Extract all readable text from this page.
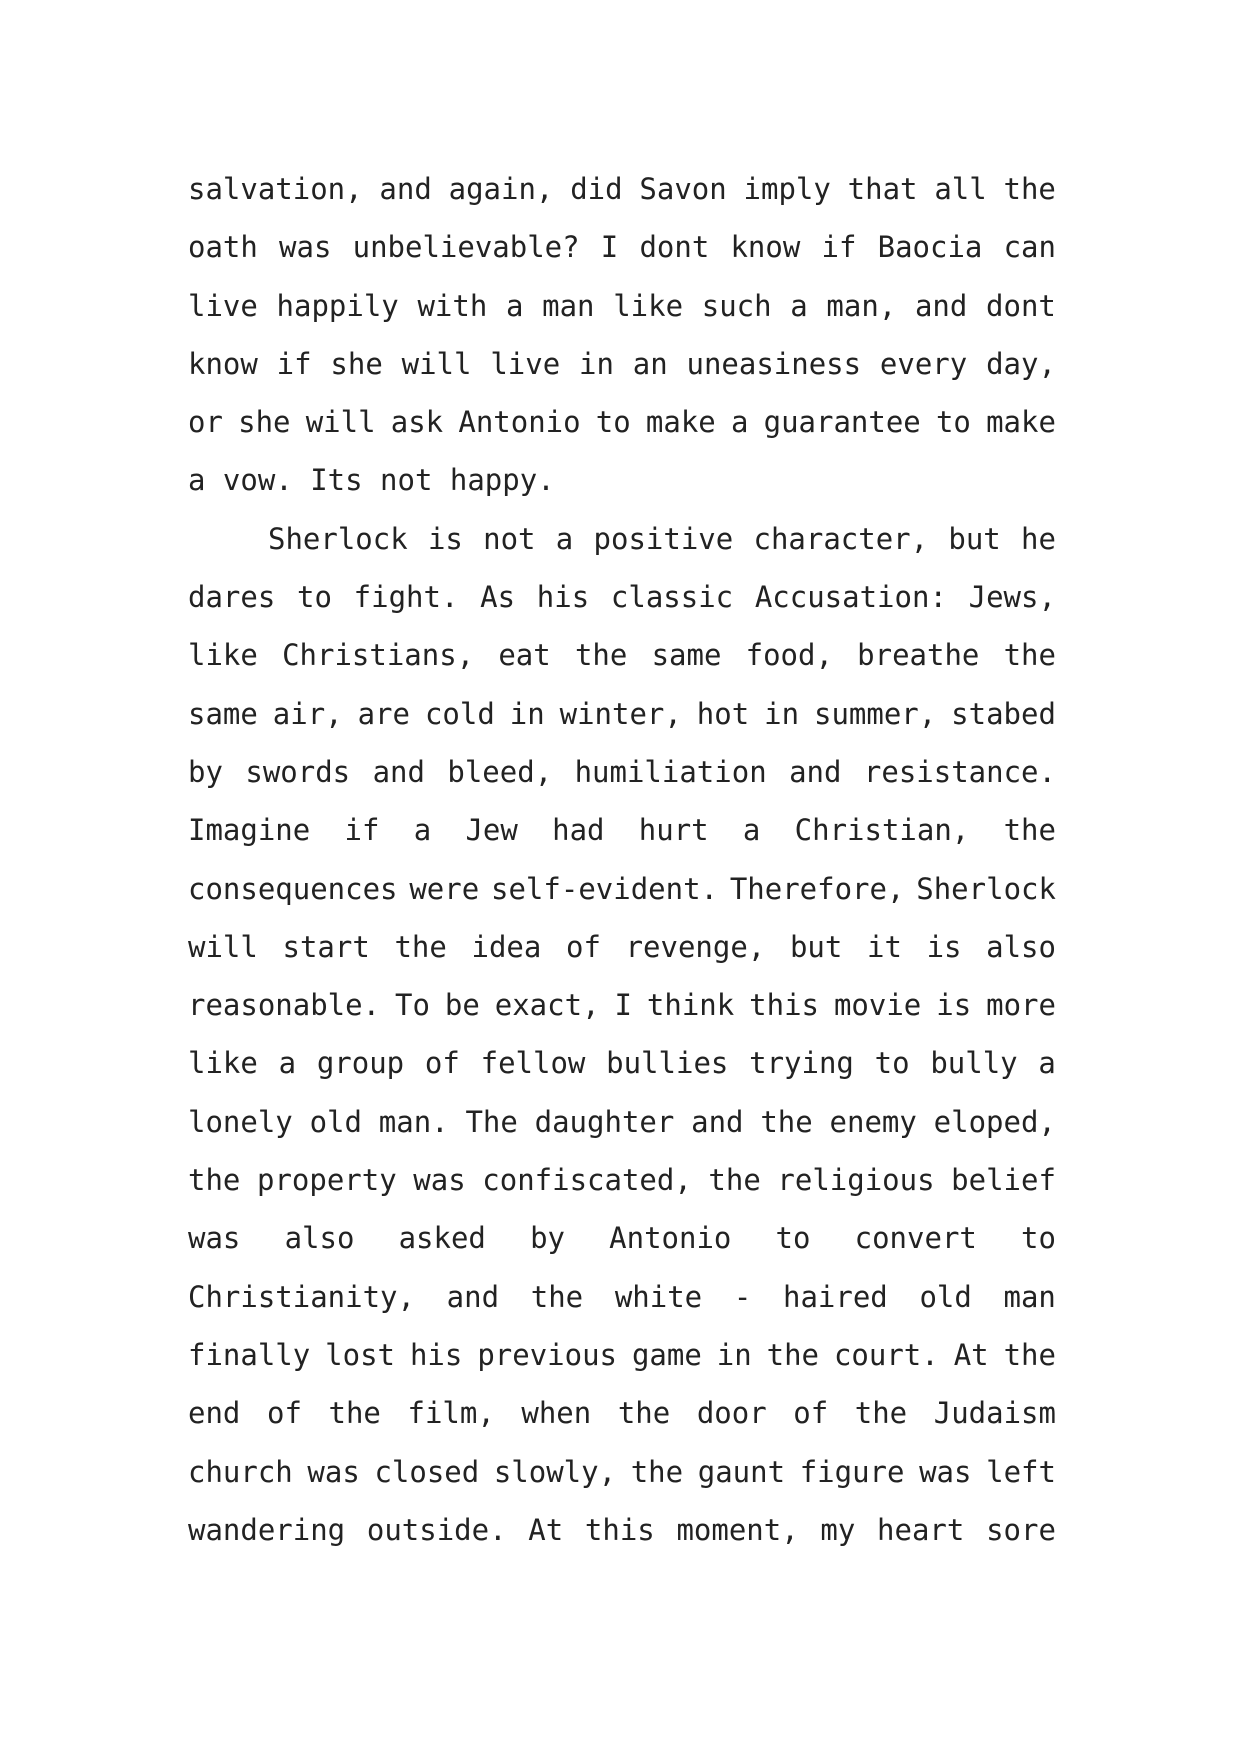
salvation, and again, did Savon imply that all the
oath was unbelievable? I dont know if Baocia can
live happily with a man like such a man, and dont
know if she will live in an uneasiness every day,
or she will ask Antonio to make a guarantee to make
a vow. Its not happy.
Sherlock is not a positive character, but he
dares to fight. As his classic Accusation: Jews,
like Christians, eat the same food, breathe the
same air, are cold in winter, hot in summer, stabed
by swords and bleed, humiliation and resistance.
Imagine if a Jew had hurt a Christian, the
consequences were self-evident. Therefore, Sherlock
will start the idea of revenge, but it is also
reasonable. To be exact, I think this movie is more
like a group of fellow bullies trying to bully a
lonely old man. The daughter and the enemy eloped,
the property was confiscated, the religious belief
was also asked by Antonio to convert to
Christianity, and the white - haired old man
finally lost his previous game in the court. At the
end of the film, when the door of the Judaism
church was closed slowly, the gaunt figure was left
wandering outside. At this moment, my heart sore
